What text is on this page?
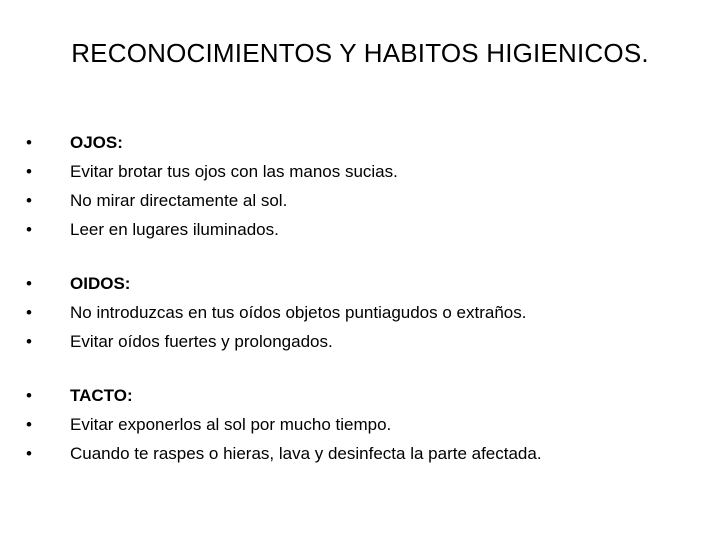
RECONOCIMIENTOS Y HABITOS HIGIENICOS.
•	OJOS:
•	Evitar brotar tus ojos con las manos sucias.
•	No mirar directamente al sol.
•	Leer en lugares iluminados.
•	OIDOS:
•	No introduzcas en tus oídos objetos puntiagudos o extraños.
•	Evitar oídos fuertes y prolongados.
•	TACTO:
•	Evitar exponerlos al sol por mucho tiempo.
•	Cuando te raspes o hieras, lava y desinfecta la parte afectada.
